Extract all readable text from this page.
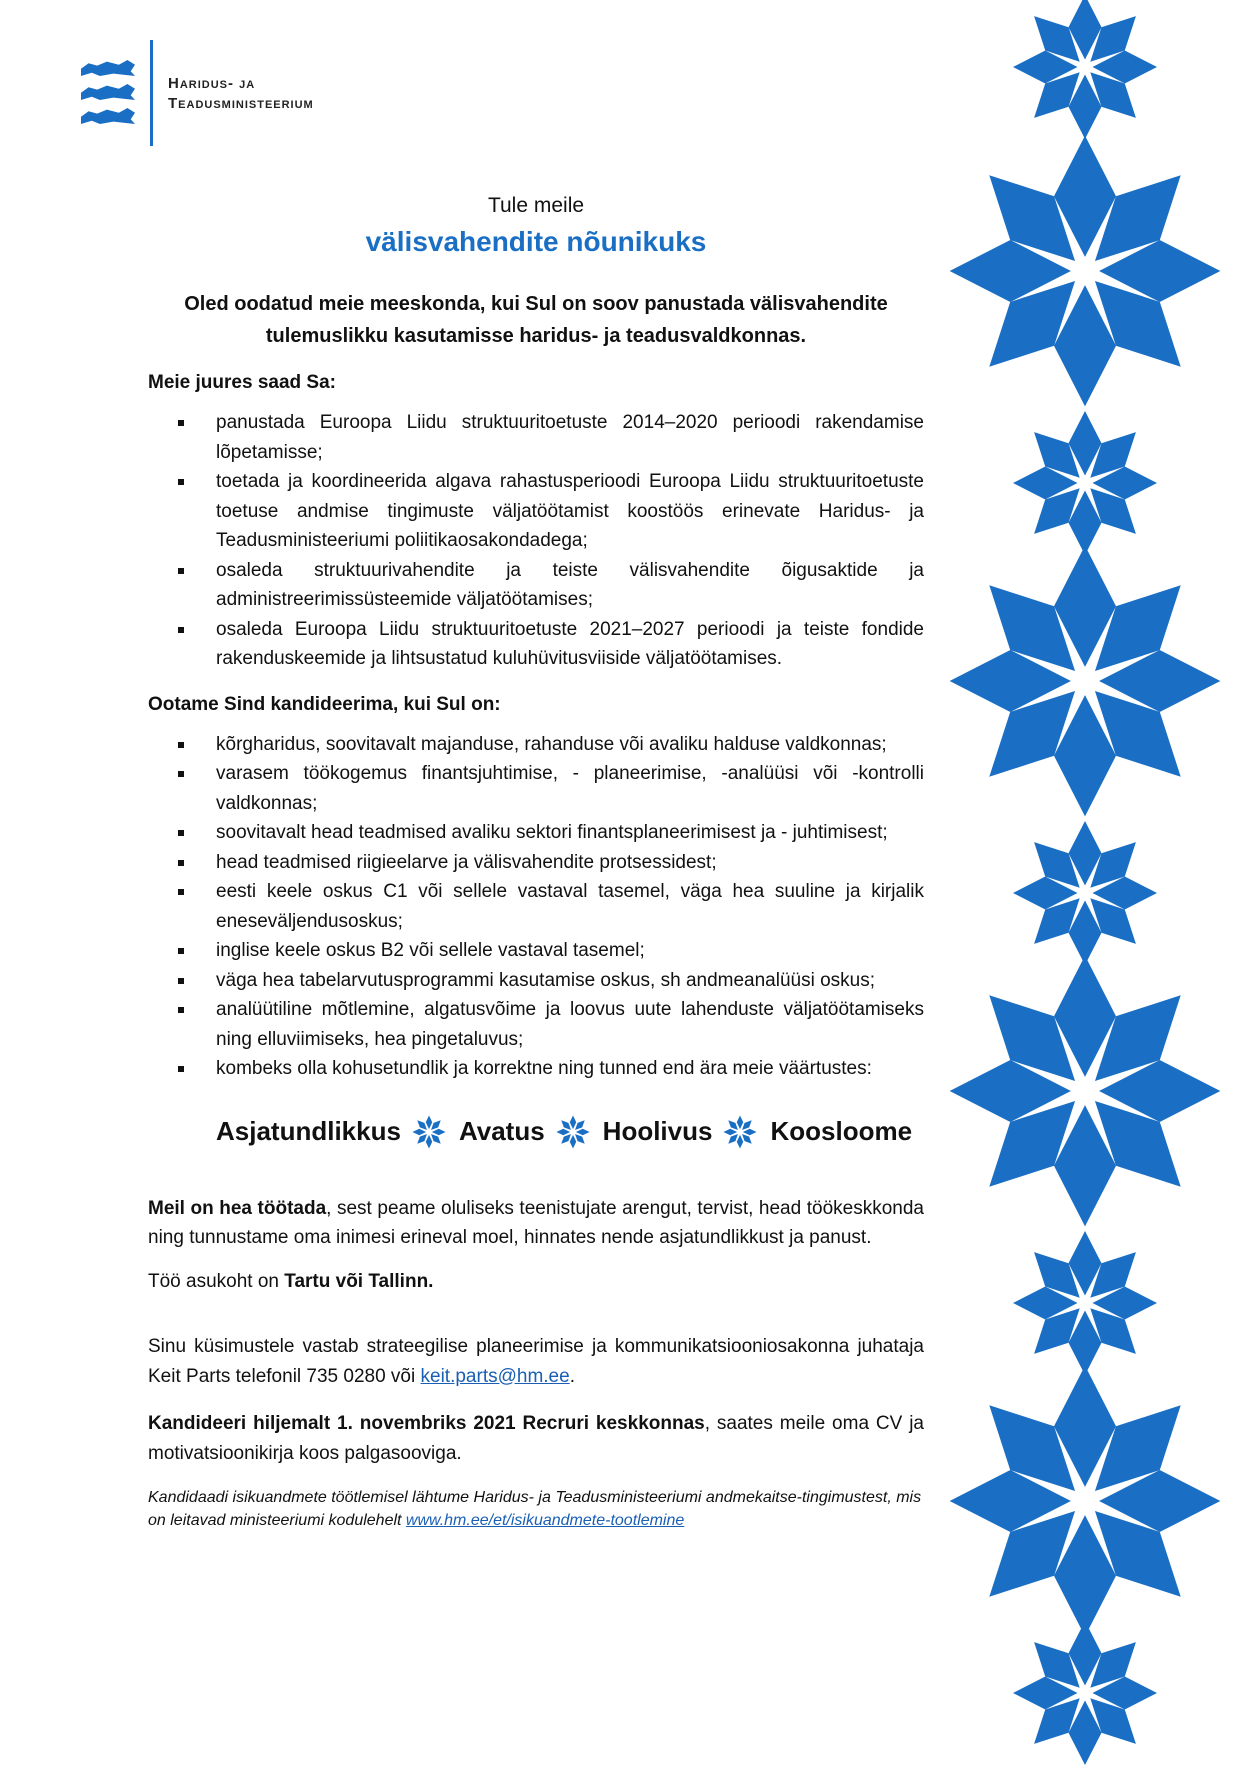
Haridus- ja
Teadusministeerium

Tule meile

välisvahendite nõunikuks

Oled oodatud meie meeskonda, kui Sul on soov panustada välisvahendite
tulemuslikku kasutamisse haridus- ja teadusvaldkonnas.

Meie juures saad Sa:
panustada Euroopa Liidu struktuuritoetuste 2014–2020 perioodi rakendamise lõpetamisse;
toetada ja koordineerida algava rahastusperioodi Euroopa Liidu struktuuritoetuste toetuse andmise tingimuste väljatöötamist koostöös erinevate Haridus- ja Teadusministeeriumi poliitikaosakondadega;
osaleda struktuurivahendite ja teiste välisvahendite õigusaktide ja administreerimissüsteemide väljatöötamises;
osaleda Euroopa Liidu struktuuritoetuste 2021–2027 perioodi ja teiste fondide rakenduskeemide ja lihtsustatud kuluhüvitusviiside väljatöötamises.
Ootame Sind kandideerima, kui Sul on:
kõrgharidus, soovitavalt majanduse, rahanduse või avaliku halduse valdkonnas;
varasem töökogemus finantsjuhtimise, - planeerimise, -analüüsi või -kontrolli valdkonnas;
soovitavalt head teadmised avaliku sektori finantsplaneerimisest ja - juhtimisest;
head teadmised riigieelarve ja välisvahendite protsessidest;
eesti keele oskus C1 või sellele vastaval tasemel, väga hea suuline ja kirjalik eneseväljendusoskus;
inglise keele oskus B2 või sellele vastaval tasemel;
väga hea tabelarvutusprogrammi kasutamise oskus, sh andmeanalüüsi oskus;
analüütiline mõtlemine, algatusvõime ja loovus uute lahenduste väljatöötamiseks ning elluviimiseks, hea pingetaluvus;
kombeks olla kohusetundlik ja korrektne ning tunned end ära meie väärtustes:
Asjatundlikkus Avatus Hoolivus Koosloome

Meil on hea töötada, sest peame oluliseks teenistujate arengut, tervist, head töökeskkonda ning tunnustame oma inimesi erineval moel, hinnates nende asjatundlikkust ja panust.

Töö asukoht on Tartu või Tallinn.

Sinu küsimustele vastab strateegilise planeerimise ja kommunikatsiooniosakonna juhataja Keit Parts telefonil 735 0280 või keit.parts@hm.ee.

Kandideeri hiljemalt 1. novembriks 2021 Recruri keskkonnas, saates meile oma CV ja motivatsioonikirja koos palgasooviga.

Kandidaadi isikuandmete töötlemisel lähtume Haridus- ja Teadusministeeriumi andmekaitse-tingimustest, mis on leitavad ministeeriumi kodulehelt www.hm.ee/et/isikuandmete-tootlemine
